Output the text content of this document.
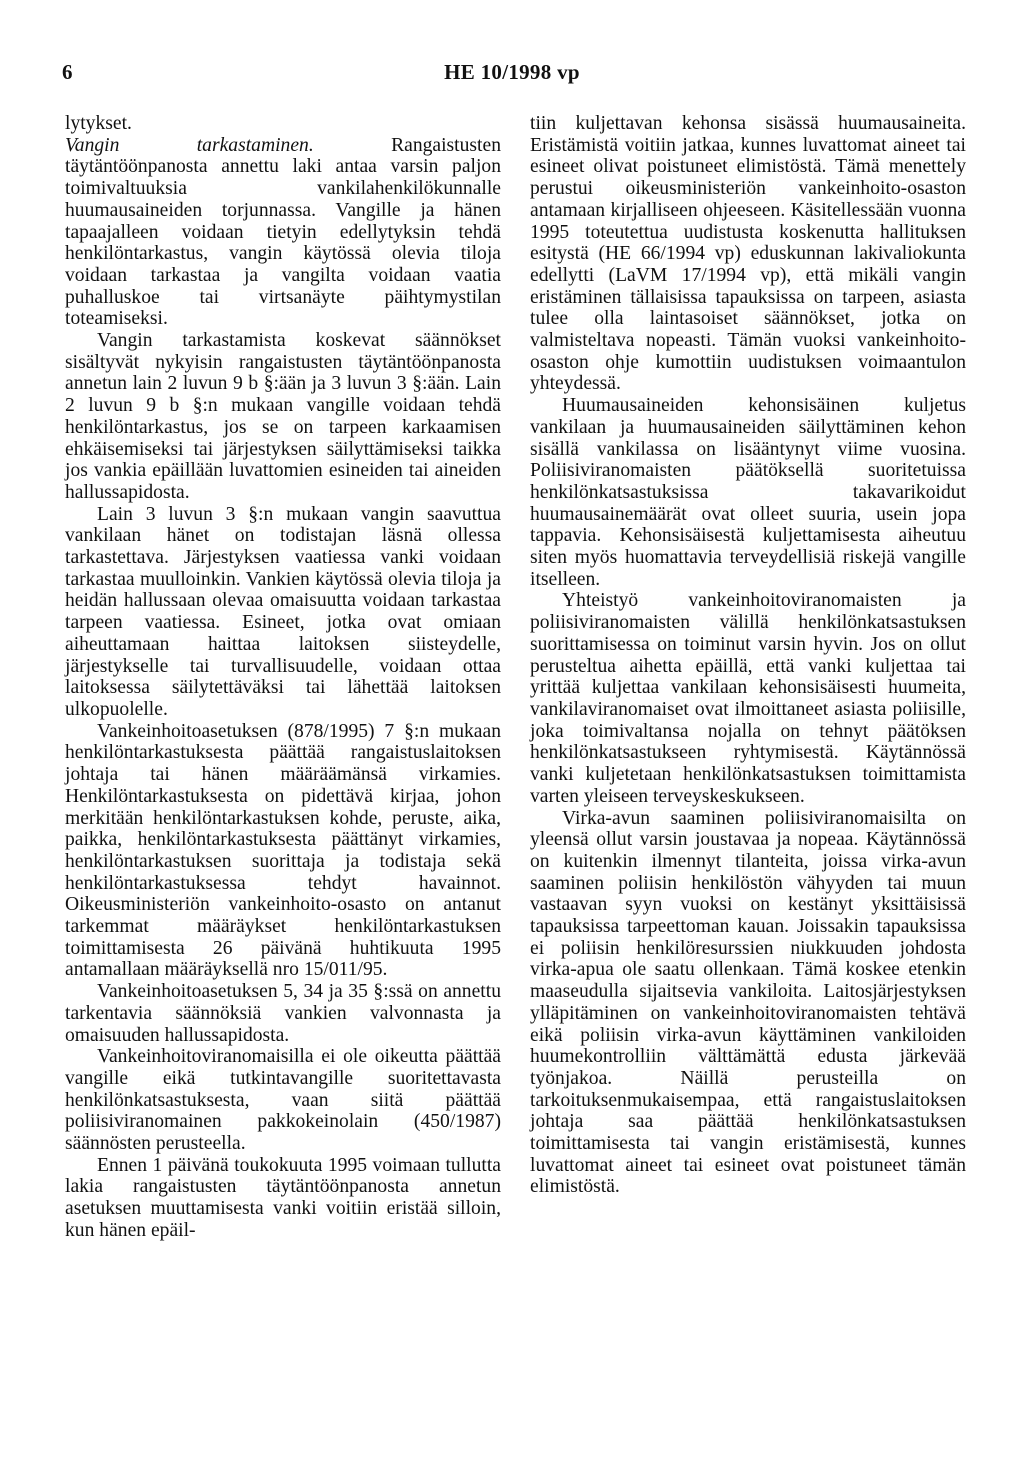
6	HE 10/1998 vp

lytykset.

Vangin tarkastaminen. Rangaistusten täytäntöönpanosta annettu laki antaa varsin paljon toimivaltuuksia vankilahenkilökunnalle huumausaineiden torjunnassa. Vangille ja hänen tapaajalleen voidaan tietyin edellytyksin tehdä henkilöntarkastus, vangin käytössä olevia tiloja voidaan tarkastaa ja vangilta voidaan vaatia puhalluskoe tai virtsanäyte päihtymystilan toteamiseksi.

Vangin tarkastamista koskevat säännökset sisältyvät nykyisin rangaistusten täytäntöönpanosta annetun lain 2 luvun 9 b §:ään ja 3 luvun 3 §:ään. Lain 2 luvun 9 b §:n mukaan vangille voidaan tehdä henkilöntarkastus, jos se on tarpeen karkaamisen ehkäisemiseksi tai järjestyksen säilyttämiseksi taikka jos vankia epäillään luvattomien esineiden tai aineiden hallussapidosta.

Lain 3 luvun 3 §:n mukaan vangin saavuttua vankilaan hänet on todistajan läsnä ollessa tarkastettava. Järjestyksen vaatiessa vanki voidaan tarkastaa muulloinkin. Vankien käytössä olevia tiloja ja heidän hallussaan olevaa omaisuutta voidaan tarkastaa tarpeen vaatiessa. Esineet, jotka ovat omiaan aiheuttamaan haittaa laitoksen siisteydelle, järjestykselle tai turvallisuudelle, voidaan ottaa laitoksessa säilytettäväksi tai lähettää laitoksen ulkopuolelle.

Vankeinhoitoasetuksen (878/1995) 7 §:n mukaan henkilöntarkastuksesta päättää rangaistuslaitoksen johtaja tai hänen määräämänsä virkamies. Henkilöntarkastuksesta on pidettävä kirjaa, johon merkitään henkilöntarkastuksen kohde, peruste, aika, paikka, henkilöntarkastuksesta päättänyt virkamies, henkilöntarkastuksen suorittaja ja todistaja sekä henkilöntarkastuksessa tehdyt havainnot. Oikeusministeriön vankeinhoito-osasto on antanut tarkemmat määräykset henkilöntarkastuksen toimittamisesta 26 päivänä huhtikuuta 1995 antamallaan määräyksellä nro 15/011/95.

Vankeinhoitoasetuksen 5, 34 ja 35 §:ssä on annettu tarkentavia säännöksiä vankien valvonnasta ja omaisuuden hallussapidosta.

Vankeinhoitoviranomaisilla ei ole oikeutta päättää vangille eikä tutkintavangille suoritettavasta henkilönkatsastuksesta, vaan siitä päättää poliisiviranomainen pakkokeinolain (450/1987) säännösten perusteella.

Ennen 1 päivänä toukokuuta 1995 voimaan tullutta lakia rangaistusten täytäntöönpanosta annetun asetuksen muuttamisesta vanki voitiin eristää silloin, kun hänen epäil-

tiin kuljettavan kehonsa sisässä huumausaineita. Eristämistä voitiin jatkaa, kunnes luvattomat aineet tai esineet olivat poistuneet elimistöstä. Tämä menettely perustui oikeusministeriön vankeinhoito-osaston antamaan kirjalliseen ohjeeseen. Käsitellessään vuonna 1995 toteutettua uudistusta koskenutta hallituksen esitystä (HE 66/1994 vp) eduskunnan lakivaliokunta edellytti (LaVM 17/1994 vp), että mikäli vangin eristäminen tällaisissa tapauksissa on tarpeen, asiasta tulee olla laintasoiset säännökset, jotka on valmisteltava nopeasti. Tämän vuoksi vankeinhoito-osaston ohje kumottiin uudistuksen voimaantulon yhteydessä.

Huumausaineiden kehonsisäinen kuljetus vankilaan ja huumausaineiden säilyttäminen kehon sisällä vankilassa on lisääntynyt viime vuosina. Poliisiviranomaisten päätöksellä suoritetuissa henkilönkatsastuksissa takavarikoidut huumausainemäärät ovat olleet suuria, usein jopa tappavia. Kehonsisäisestä kuljettamisesta aiheutuu siten myös huomattavia terveydellisiä riskejä vangille itselleen.

Yhteistyö vankeinhoitoviranomaisten ja poliisiviranomaisten välillä henkilönkatsastuksen suorittamisessa on toiminut varsin hyvin. Jos on ollut perusteltua aihetta epäillä, että vanki kuljettaa tai yrittää kuljettaa vankilaan kehonsisäisesti huumeita, vankilaviranomaiset ovat ilmoittaneet asiasta poliisille, joka toimivaltansa nojalla on tehnyt päätöksen henkilönkatsastukseen ryhtymisestä. Käytännössä vanki kuljetetaan henkilönkatsastuksen toimittamista varten yleiseen terveyskeskukseen.

Virka-avun saaminen poliisiviranomaisilta on yleensä ollut varsin joustavaa ja nopeaa. Käytännössä on kuitenkin ilmennyt tilanteita, joissa virka-avun saaminen poliisin henkilöstön vähyyden tai muun vastaavan syyn vuoksi on kestänyt yksittäisissä tapauksissa tarpeettoman kauan. Joissakin tapauksissa ei poliisin henkilöresurssien niukkuuden johdosta virka-apua ole saatu ollenkaan. Tämä koskee etenkin maaseudulla sijaitsevia vankiloita. Laitosjärjestyksen ylläpitäminen on vankeinhoitoviranomaisten tehtävä eikä poliisin virka-avun käyttäminen vankiloiden huumekontrolliin välttämättä edusta järkevää työnjakoa. Näillä perusteilla on tarkoituksenmukaisempaa, että rangaistuslaitoksen johtaja saa päättää henkilönkatsastuksen toimittamisesta tai vangin eristämisestä, kunnes luvattomat aineet tai esineet ovat poistuneet tämän elimistöstä.
